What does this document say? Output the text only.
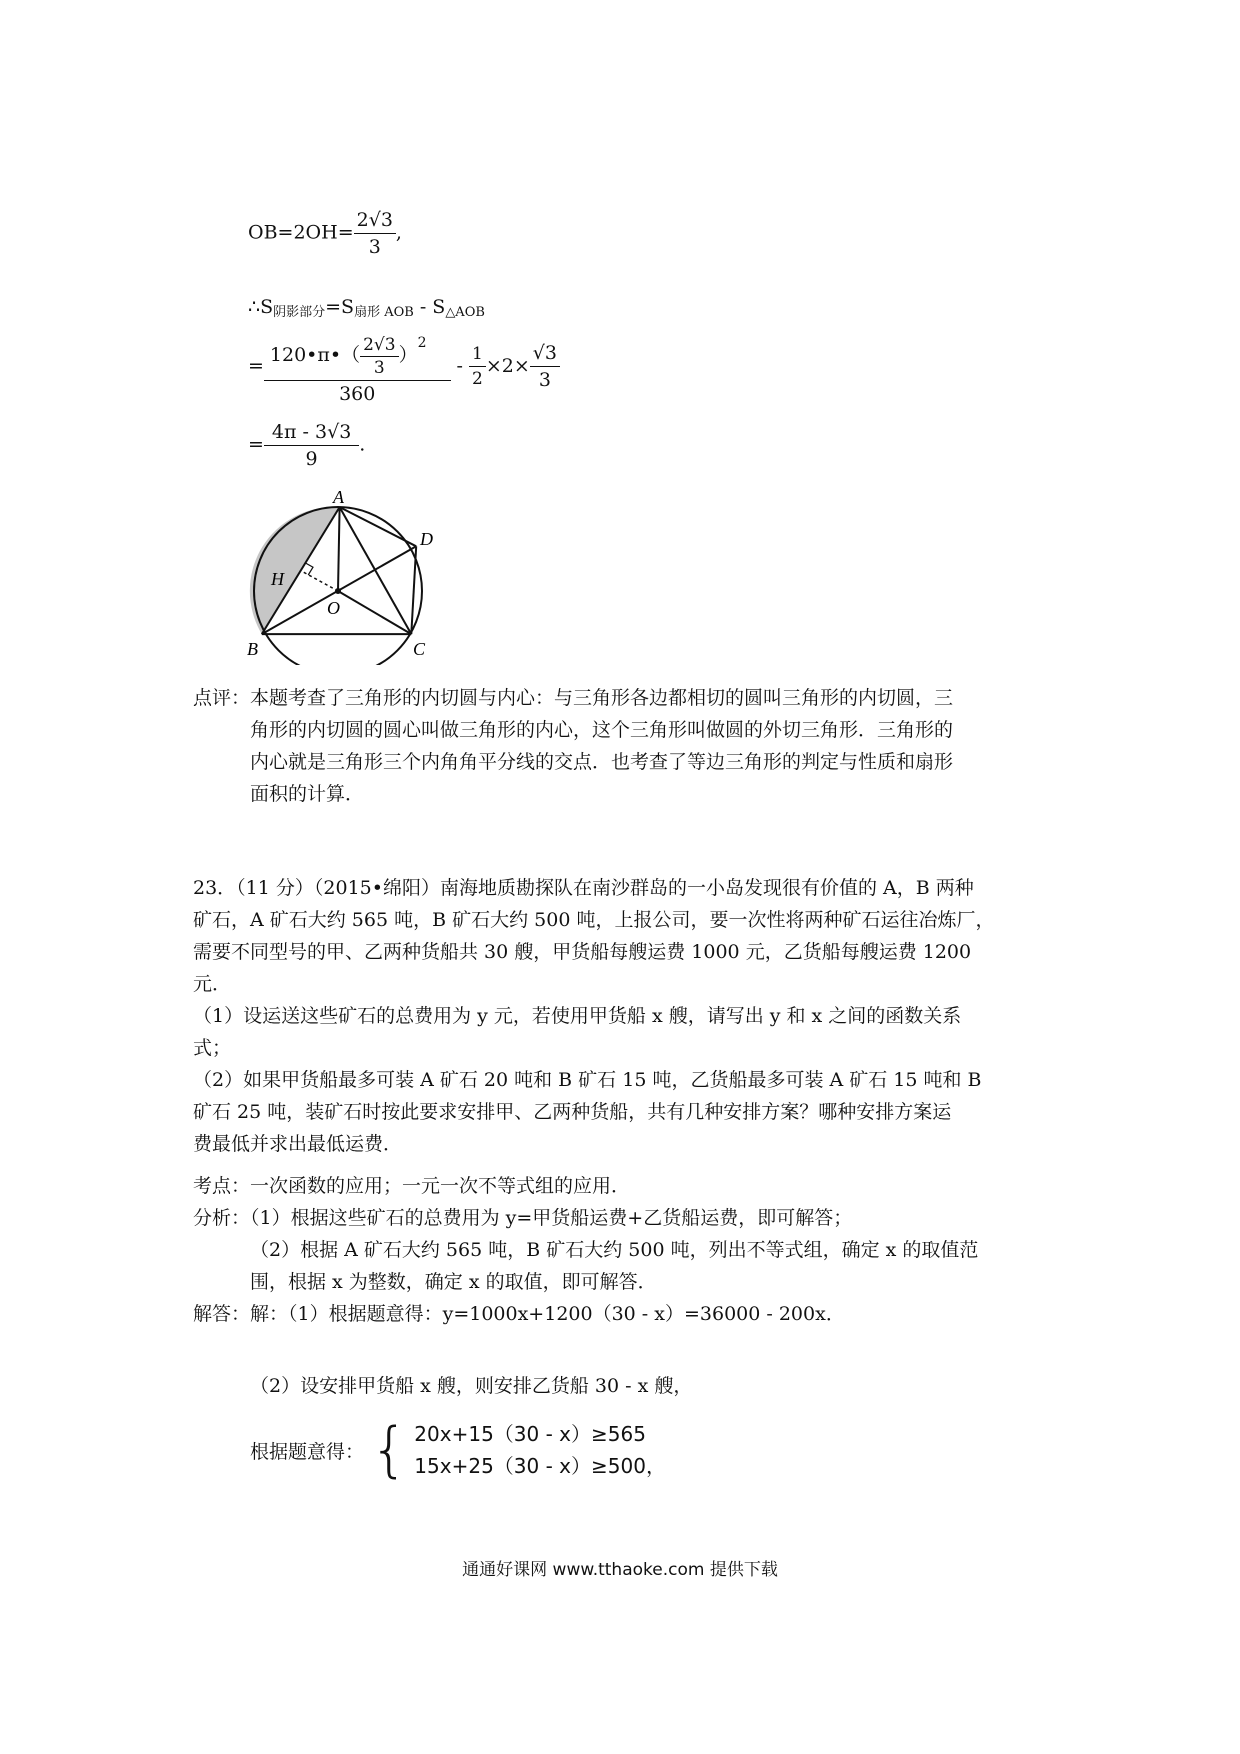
$OB=2OH= \frac{2√3}{3}$ ,
$\therefore S_{阴影部分}=S_{扇形 AOB} - S_{\triangle AOB}$
= $\frac{120•\pi•( \frac{2√3}{3} )^2}{360} - \frac{1}{2} \times 2\times \frac{√3}{3}$
= $\frac{4\pi - 3√3}{9}$ .
A
D
H
O
B	C
点评：本题考查了三角形的内切圆与内心：与三角形各边都相切的圆叫三角形的内切圆，三
角形的内切圆的圆心叫做三角形的内心，这个三角形叫做圆的外切三角形．三角形的
内心就是三角形三个内角角平分线的交点．也考查了等边三角形的判定与性质和扇形
面积的计算．
23．（11 分）（2015•绵阳）南海地质勘探队在南沙群岛的一小岛发现很有价值的 A，B 两种
矿石，A 矿石大约 565 吨，B 矿石大约 500 吨，上报公司，要一次性将两种矿石运往冶炼厂，
需要不同型号的甲、乙两种货船共 30 艘，甲货船每艘运费 1000 元，乙货船每艘运费 1200
元．
（1）设运送这些矿石的总费用为 y 元，若使用甲货船 x 艘，请写出 y 和 x 之间的函数关系
式；
（2）如果甲货船最多可装 A 矿石 20 吨和 B 矿石 15 吨，乙货船最多可装 A 矿石 15 吨和 B
矿石 25 吨，装矿石时按此要求安排甲、乙两种货船，共有几种安排方案？哪种安排方案运
费最低并求出最低运费．
考点：一次函数的应用；一元一次不等式组的应用．
分析：（1）根据这些矿石的总费用为 y=甲货船运费+乙货船运费，即可解答；
（2）根据 A 矿石大约 565 吨，B 矿石大约 500 吨，列出不等式组，确定 x 的取值范
围，根据 x 为整数，确定 x 的取值，即可解答．
解答：解：（1）根据题意得：y=1000x+1200（30 - x）=36000 - 200x．
（2）设安排甲货船 x 艘，则安排乙货船 30 - x 艘，
根据题意得： { 20x+15（30 - x）≥565
15x+25（30 - x）≥500，
通通好课网 www.tthaoke.com 提供下载
